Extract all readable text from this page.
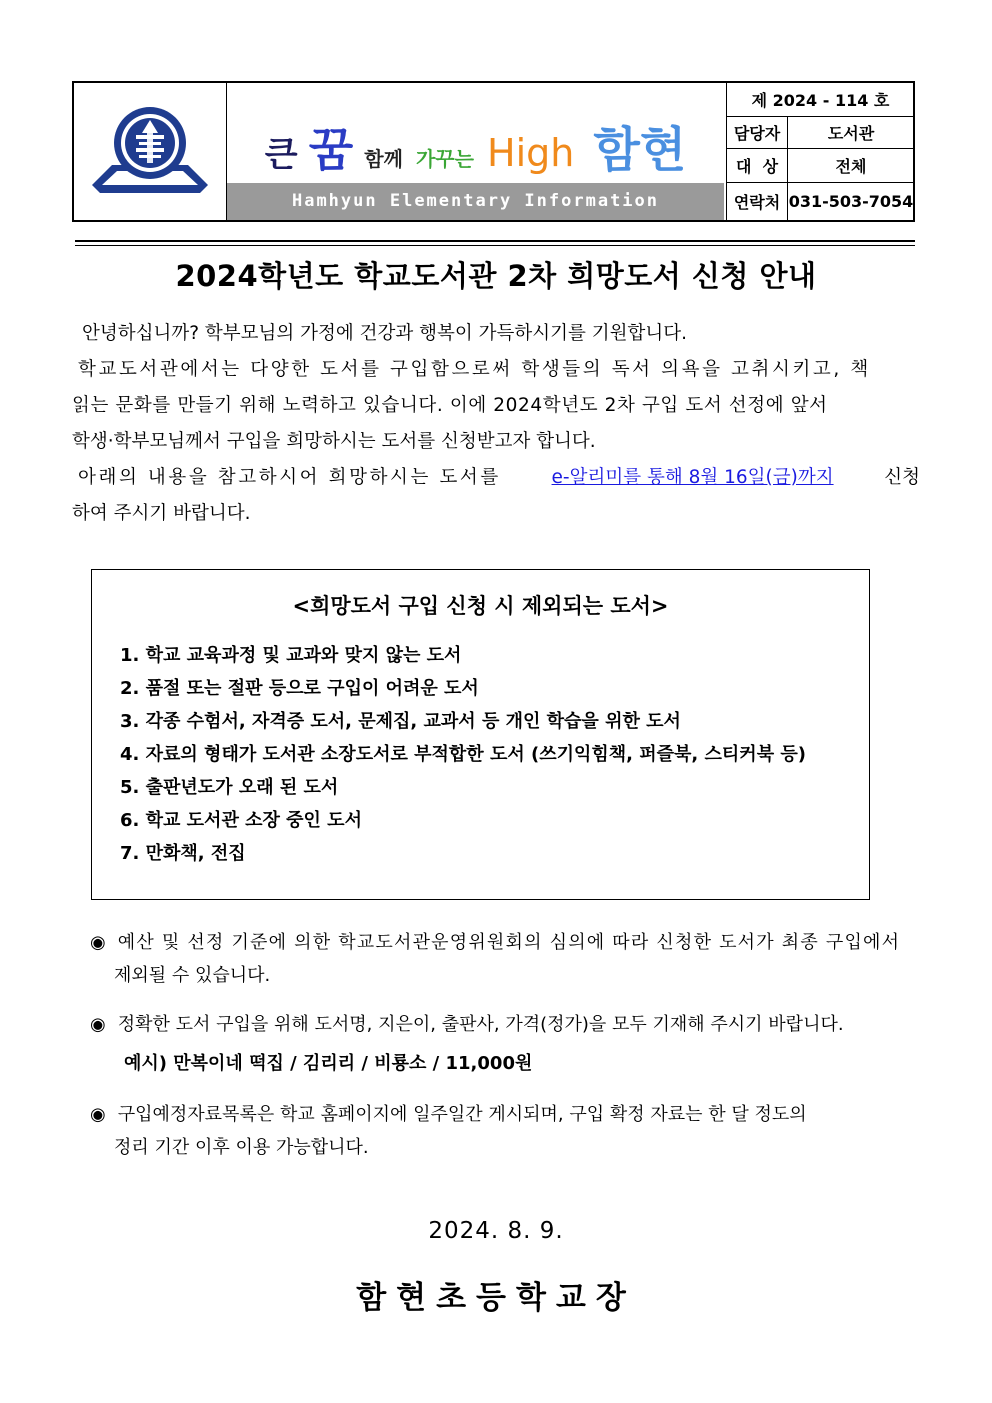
큰 꿈 함께 가꾸는 High 함현
Hamhyun Elementary Information
제 2024 - 114 호
담당자	도서관
대  상	전체
연락처 031-503-7054
2024학년도 학교도서관 2차 희망도서 신청 안내
안녕하십니까? 학부모님의 가정에 건강과 행복이 가득하시기를 기원합니다.
학교도서관에서는 다양한 도서를 구입함으로써 학생들의 독서 의욕을 고취시키고, 책
읽는 문화를 만들기 위해 노력하고 있습니다. 이에 2024학년도 2차 구입 도서 선정에 앞서
학생·학부모님께서 구입을 희망하시는 도서를 신청받고자 합니다.
아래의 내용을 참고하시어 희망하시는 도서를	e-알리미를 통해 8월 16일(금)까지	신청
하여 주시기 바랍니다.
<희망도서 구입 신청 시 제외되는 도서>
1. 학교 교육과정 및 교과와 맞지 않는 도서
2. 품절 또는 절판 등으로 구입이 어려운 도서
3. 각종 수험서, 자격증 도서, 문제집, 교과서 등 개인 학습을 위한 도서
4. 자료의 형태가 도서관 소장도서로 부적합한 도서 (쓰기익힘책, 퍼즐북, 스티커북 등)
5. 출판년도가 오래 된 도서
6. 학교 도서관 소장 중인 도서
7. 만화책, 전집
◉ 예산 및 선정 기준에 의한 학교도서관운영위원회의 심의에 따라 신청한 도서가 최종 구입에서
제외될 수 있습니다.
◉ 정확한 도서 구입을 위해 도서명, 지은이, 출판사, 가격(정가)을 모두 기재해 주시기 바랍니다.
예시) 만복이네 떡집 / 김리리 / 비룡소 / 11,000원
◉ 구입예정자료목록은 학교 홈페이지에 일주일간 게시되며, 구입 확정 자료는 한 달 정도의
정리 기간 이후 이용 가능합니다.
2024. 8. 9.
함현초등학교장
